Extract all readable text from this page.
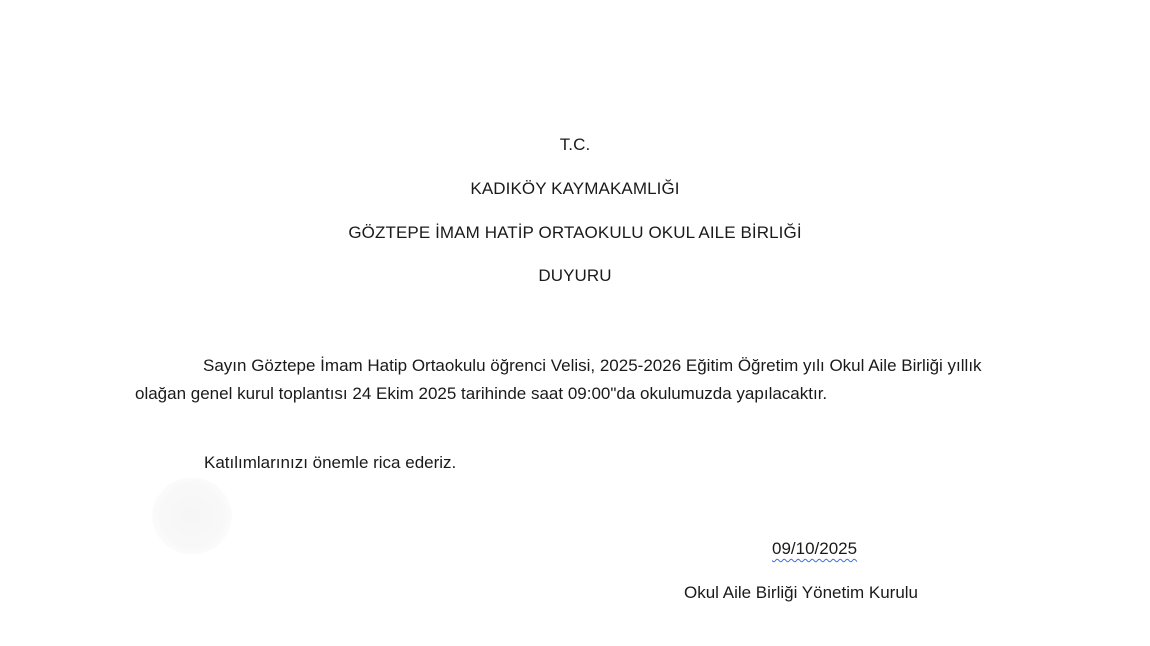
T.C.
KADIKÖY KAYMAKAMLIĞI
GÖZTEPE İMAM HATİP ORTAOKULU OKUL AILE BİRLIĞİ
DUYURU
Sayın Göztepe İmam Hatip Ortaokulu öğrenci Velisi, 2025-2026 Eğitim Öğretim yılı Okul Aile Birliği yıllık olağan genel kurul toplantısı 24 Ekim 2025 tarihinde saat 09:00"da okulumuzda yapılacaktır.
Katılımlarınızı önemle rica ederiz.
09/10/2025
Okul Aile Birliği Yönetim Kurulu
